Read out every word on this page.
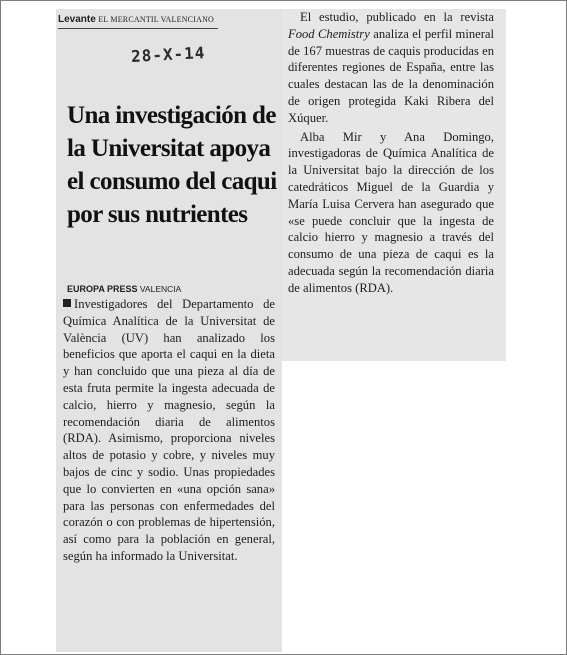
Levante EL MERCANTIL VALENCIANO
28-X-14
Una investigación de la Universitat apoya el consumo del caqui por sus nutrientes
EUROPA PRESS VALENCIA

Investigadores del Departamento de Química Analítica de la Universitat de València (UV) han analizado los beneficios que aporta el caqui en la dieta y han concluido que una pieza al día de esta fruta permite la ingesta adecuada de calcio, hierro y magnesio, según la recomendación diaria de alimentos (RDA). Asimismo, proporciona niveles altos de potasio y cobre, y niveles muy bajos de cinc y sodio. Unas propiedades que lo convierten en «una opción sana» para las personas con enfermedades del corazón o con problemas de hipertensión, así como para la población en general, según ha informado la Universitat.

El estudio, publicado en la revista Food Chemistry analiza el perfil mineral de 167 muestras de caquis producidas en diferentes regiones de España, entre las cuales destacan las de la denominación de origen protegida Kaki Ribera del Xúquer.

Alba Mir y Ana Domingo, investigadoras de Química Analítica de la Universitat bajo la dirección de los catedráticos Miguel de la Guardia y María Luisa Cervera han asegurado que «se puede concluir que la ingesta de calcio hierro y magnesio a través del consumo de una pieza de caqui es la adecuada según la recomendación diaria de alimentos (RDA).
